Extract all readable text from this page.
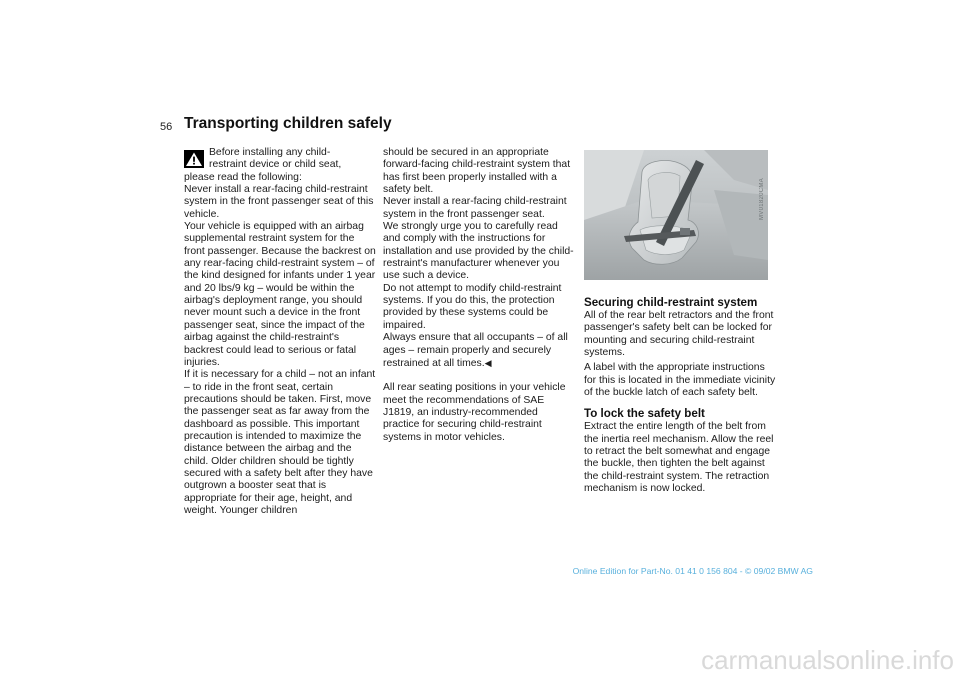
56 Transporting children safely
Before installing any child-
restraint device or child seat,

please read the following:

Never install a rear-facing child-restraint system in the front passenger seat of this vehicle.

Your vehicle is equipped with an airbag supplemental restraint system for the front passenger. Because the backrest on any rear-facing child-restraint system – of the kind designed for infants under 1 year and 20 lbs/9 kg – would be within the airbag's deployment range, you should never mount such a device in the front passenger seat, since the impact of the airbag against the child-restraint's backrest could lead to serious or fatal injuries.

If it is necessary for a child – not an infant – to ride in the front seat, certain precautions should be taken. First, move the passenger seat as far away from the dashboard as possible. This important precaution is intended to maximize the distance between the airbag and the child. Older children should be tightly secured with a safety belt after they have outgrown a booster seat that is appropriate for their age, height, and weight. Younger children

should be secured in an appropriate forward-facing child-restraint system that has first been properly installed with a safety belt.

Never install a rear-facing child-restraint system in the front passenger seat.

We strongly urge you to carefully read and comply with the instructions for installation and use provided by the child-restraint's manufacturer whenever you use such a device.

Do not attempt to modify child-restraint systems. If you do this, the protection provided by these systems could be impaired.

Always ensure that all occupants – of all ages – remain properly and securely restrained at all times.◀

All rear seating positions in your vehicle meet the recommendations of SAE J1819, an industry-recommended practice for securing child-restraint systems in motor vehicles.

MV01820CMA
Securing child-restraint system

All of the rear belt retractors and the front passenger's safety belt can be locked for mounting and securing child-restraint systems.

A label with the appropriate instructions for this is located in the immediate vicinity of the buckle latch of each safety belt.

To lock the safety belt

Extract the entire length of the belt from the inertia reel mechanism. Allow the reel to retract the belt somewhat and engage the buckle, then tighten the belt against the child-restraint system. The retraction mechanism is now locked.

Online Edition for Part-No. 01 41 0 156 804 - © 09/02 BMW AG
carmanualsonline.info
